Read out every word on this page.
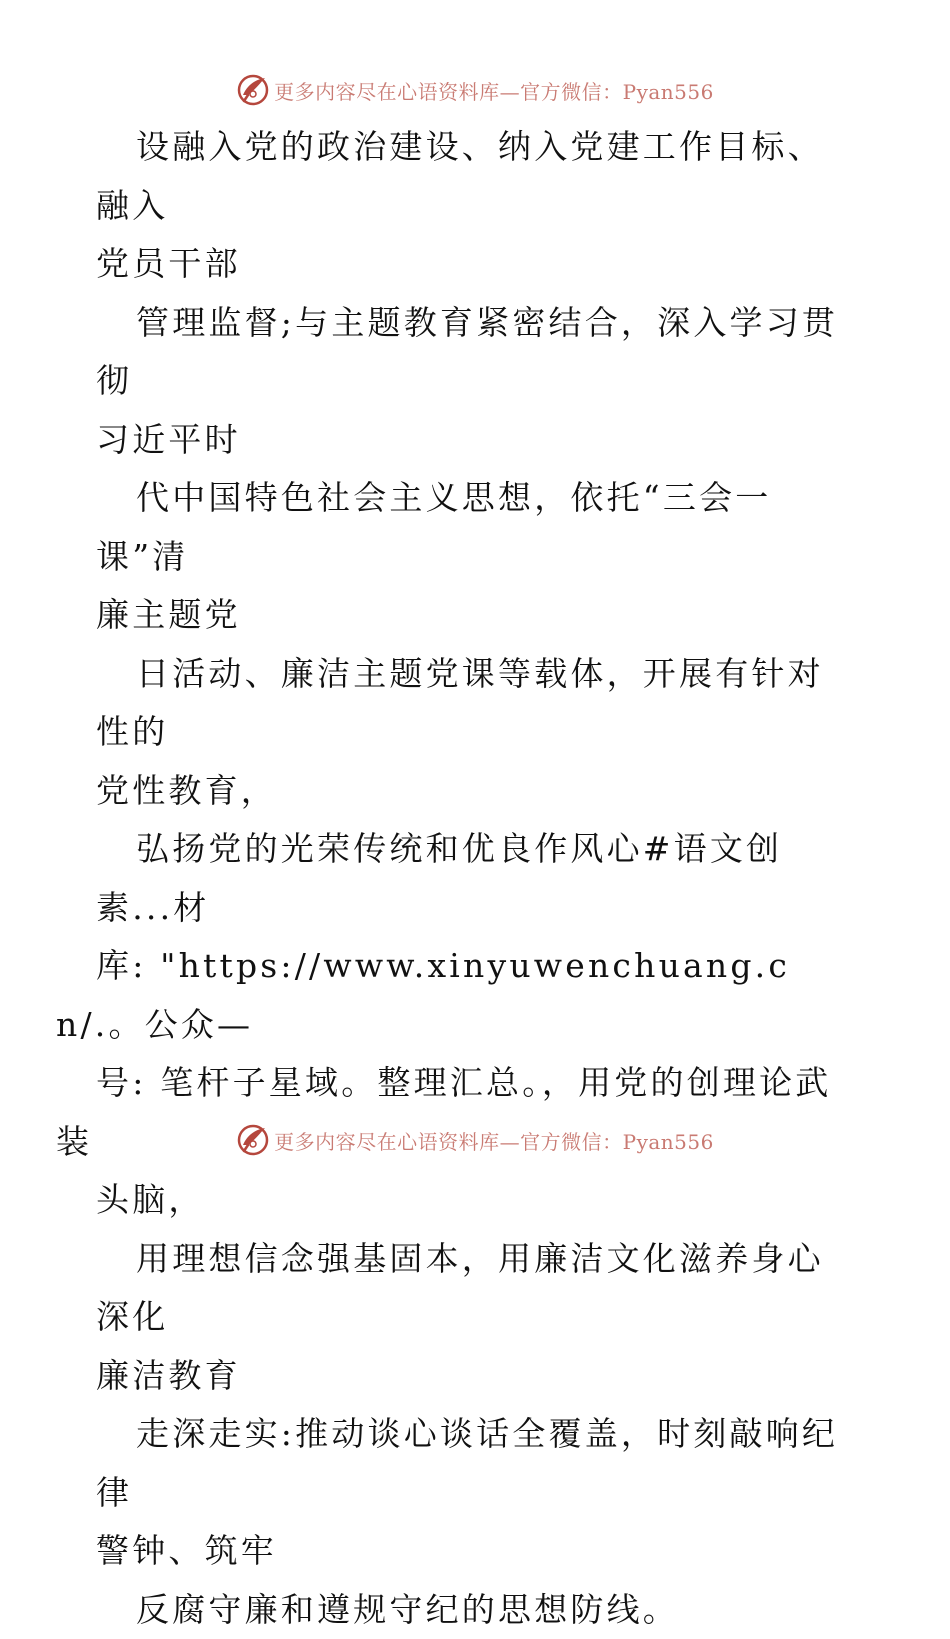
更多内容尽在心语资料库—官方微信：Pyan556

设融入党的政治建设、纳入党建工作目标、融入
党员干部

管理监督;与主题教育紧密结合，深入学习贯彻
习近平时

代中国特色社会主义思想，依托“三会一课”清
廉主题党

日活动、廉洁主题党课等载体，开展有针对性的
党性教育，

弘扬党的光荣传统和优良作风心#语文创素...材
库: "https://www.xinyuwenchuang.cn/.。公众—
号: 笔杆子星域。整理汇总。，用党的创理论武装
头脑，

用理想信念强基固本，用廉洁文化滋养身心深化
廉洁教育

走深走实:推动谈心谈话全覆盖，时刻敲响纪律
警钟、筑牢

反腐守廉和遵规守纪的思想防线。

更多内容尽在心语资料库—官方微信：Pyan556
